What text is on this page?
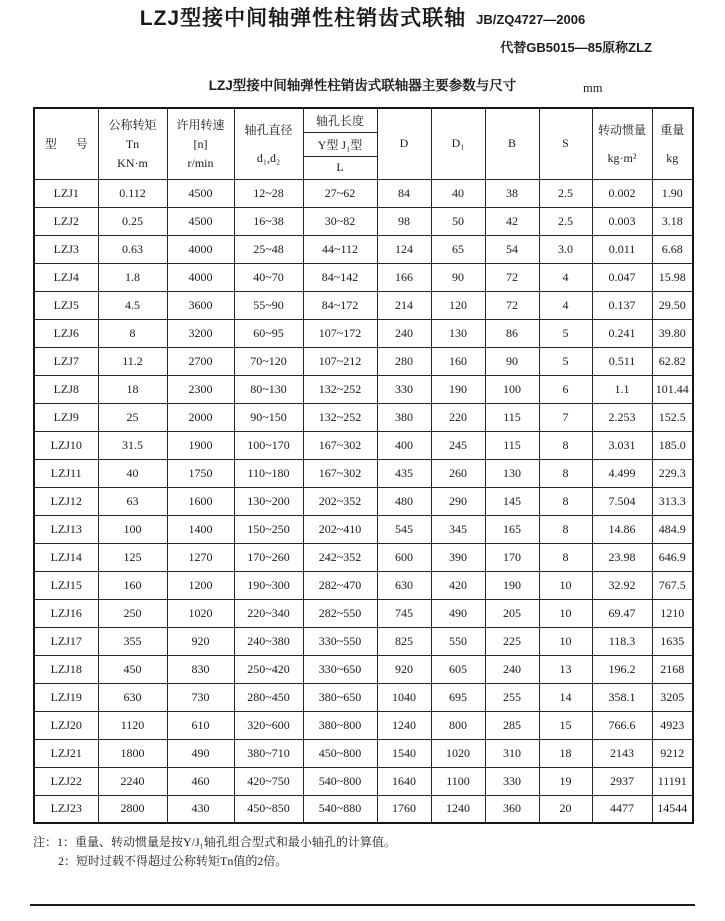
LZJ型接中间轴弹性柱销齿式联轴 JB/ZQ4727—2006
代替GB5015—85原称ZLZ
LZJ型接中间轴弹性柱销齿式联轴器主要参数与尺寸	mm
型 号	公称转矩
Tn
KN·m	许用转速
[n]
r/min	轴孔直径
d₁,d₂	轴孔长度	D	D₁	B	S	转动惯量
kg·m²	重量
kg

				Y型 J₁型						
				L						
LZJ1	0.112	4500	12~28	27~62	84	40	38	2.5	0.002	1.90
LZJ2	0.25	4500	16~38	30~82	98	50	42	2.5	0.003	3.18
LZJ3	0.63	4000	25~48	44~112	124	65	54	3.0	0.011	6.68
LZJ4	1.8	4000	40~70	84~142	166	90	72	4	0.047	15.98
LZJ5	4.5	3600	55~90	84~172	214	120	72	4	0.137	29.50
LZJ6	8	3200	60~95	107~172	240	130	86	5	0.241	39.80
LZJ7	11.2	2700	70~120	107~212	280	160	90	5	0.511	62.82
LZJ8	18	2300	80~130	132~252	330	190	100	6	1.1	101.44
LZJ9	25	2000	90~150	132~252	380	220	115	7	2.253	152.5
LZJ10	31.5	1900	100~170	167~302	400	245	115	8	3.031	185.0
LZJ11	40	1750	110~180	167~302	435	260	130	8	4.499	229.3
LZJ12	63	1600	130~200	202~352	480	290	145	8	7.504	313.3
LZJ13	100	1400	150~250	202~410	545	345	165	8	14.86	484.9
LZJ14	125	1270	170~260	242~352	600	390	170	8	23.98	646.9
LZJ15	160	1200	190~300	282~470	630	420	190	10	32.92	767.5
LZJ16	250	1020	220~340	282~550	745	490	205	10	69.47	1210
LZJ17	355	920	240~380	330~550	825	550	225	10	118.3	1635
LZJ18	450	830	250~420	330~650	920	605	240	13	196.2	2168
LZJ19	630	730	280~450	380~650	1040	695	255	14	358.1	3205
LZJ20	1120	610	320~600	380~800	1240	800	285	15	766.6	4923
LZJ21	1800	490	380~710	450~800	1540	1020	310	18	2143	9212
LZJ22	2240	460	420~750	540~800	1640	1100	330	19	2937	11191
LZJ23	2800	430	450~850	540~880	1760	1240	360	20	4477	14544
注：1：重量、转动惯量是按Y/J₁轴孔组合型式和最小轴孔的计算值。
2：短时过载不得超过公称转矩Tn值的2倍。
